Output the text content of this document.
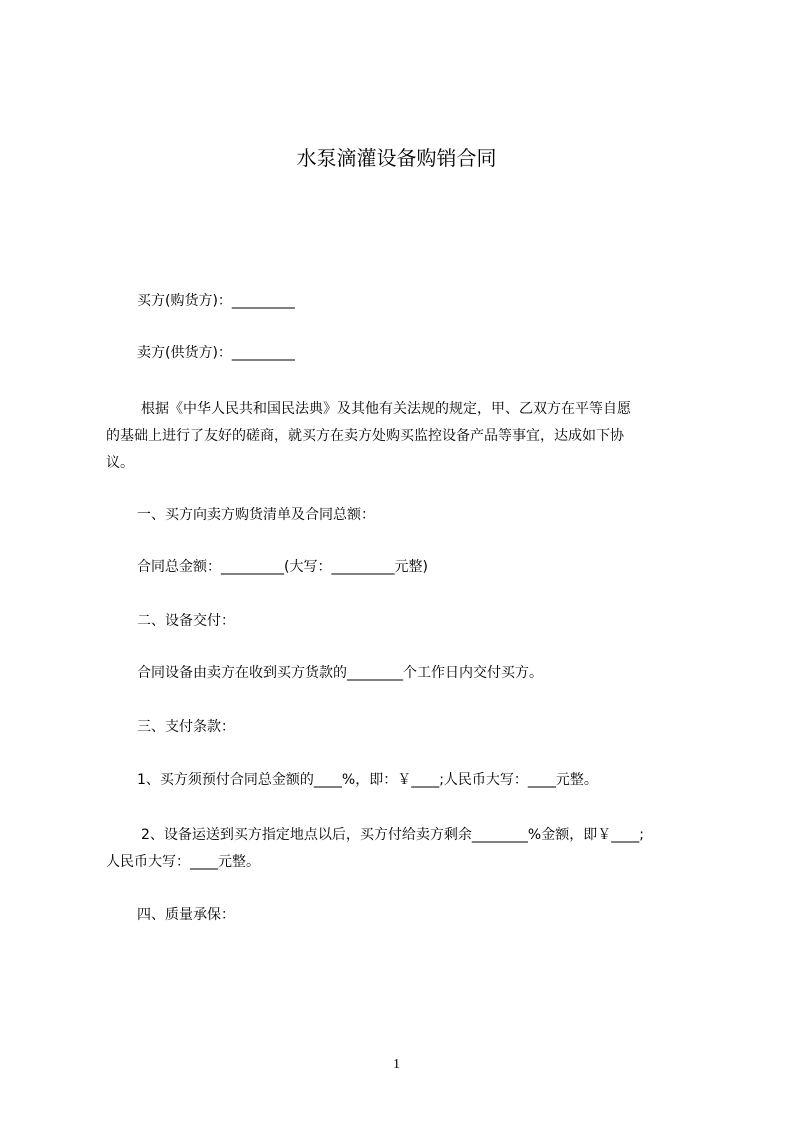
水泵滴灌设备购销合同
买方(购货方)：_________
卖方(供货方)：_________
根据《中华人民共和国民法典》及其他有关法规的规定，甲、乙双方在平等自愿
的基础上进行了友好的磋商，就买方在卖方处购买监控设备产品等事宜，达成如下协
议。
一、买方向卖方购货清单及合同总额：
合同总金额：_________(大写：_________元整)
二、设备交付：
合同设备由卖方在收到买方货款的________个工作日内交付买方。
三、支付条款：
1、买方须预付合同总金额的____%，即：￥____;人民币大写：____元整。
2、设备运送到买方指定地点以后，买方付给卖方剩余________%金额，即￥____;
人民币大写：____元整。
四、质量承保：
1
